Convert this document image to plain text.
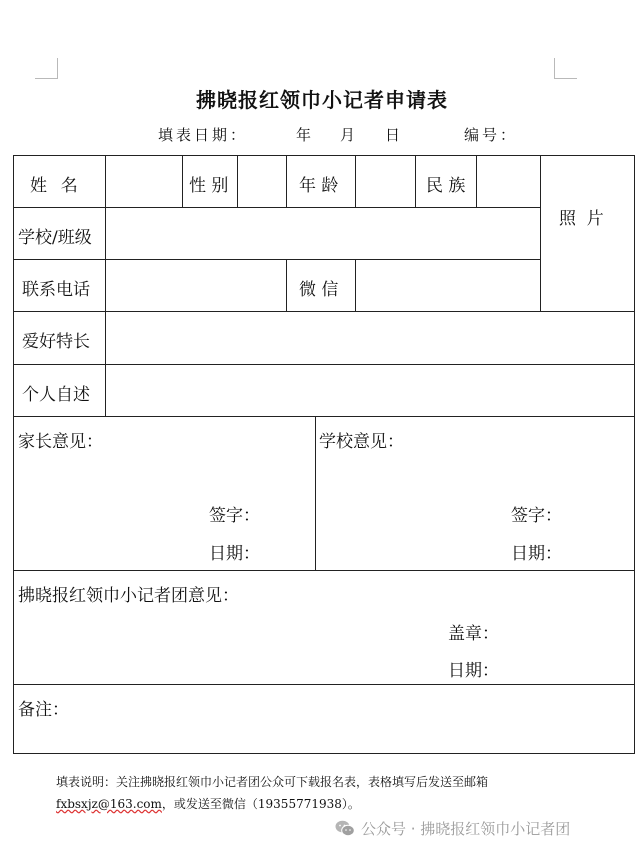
拂晓报红领巾小记者申请表
填表日期：	年 月 日	编号：
姓  名	性 别	年 龄	民 族
照  片
学校/班级
联系电话	微 信
爱好特长
个人自述
家长意见：
签字：
日期：
学校意见：
签字：
日期：
拂晓报红领巾小记者团意见：
盖章：
日期：
备注：
填表说明：关注拂晓报红领巾小记者团公众可下载报名表，表格填写后发送至邮箱
fxbsxjz@163.com，或发送至微信（19355771938）。
公众号 · 拂晓报红领巾小记者团
